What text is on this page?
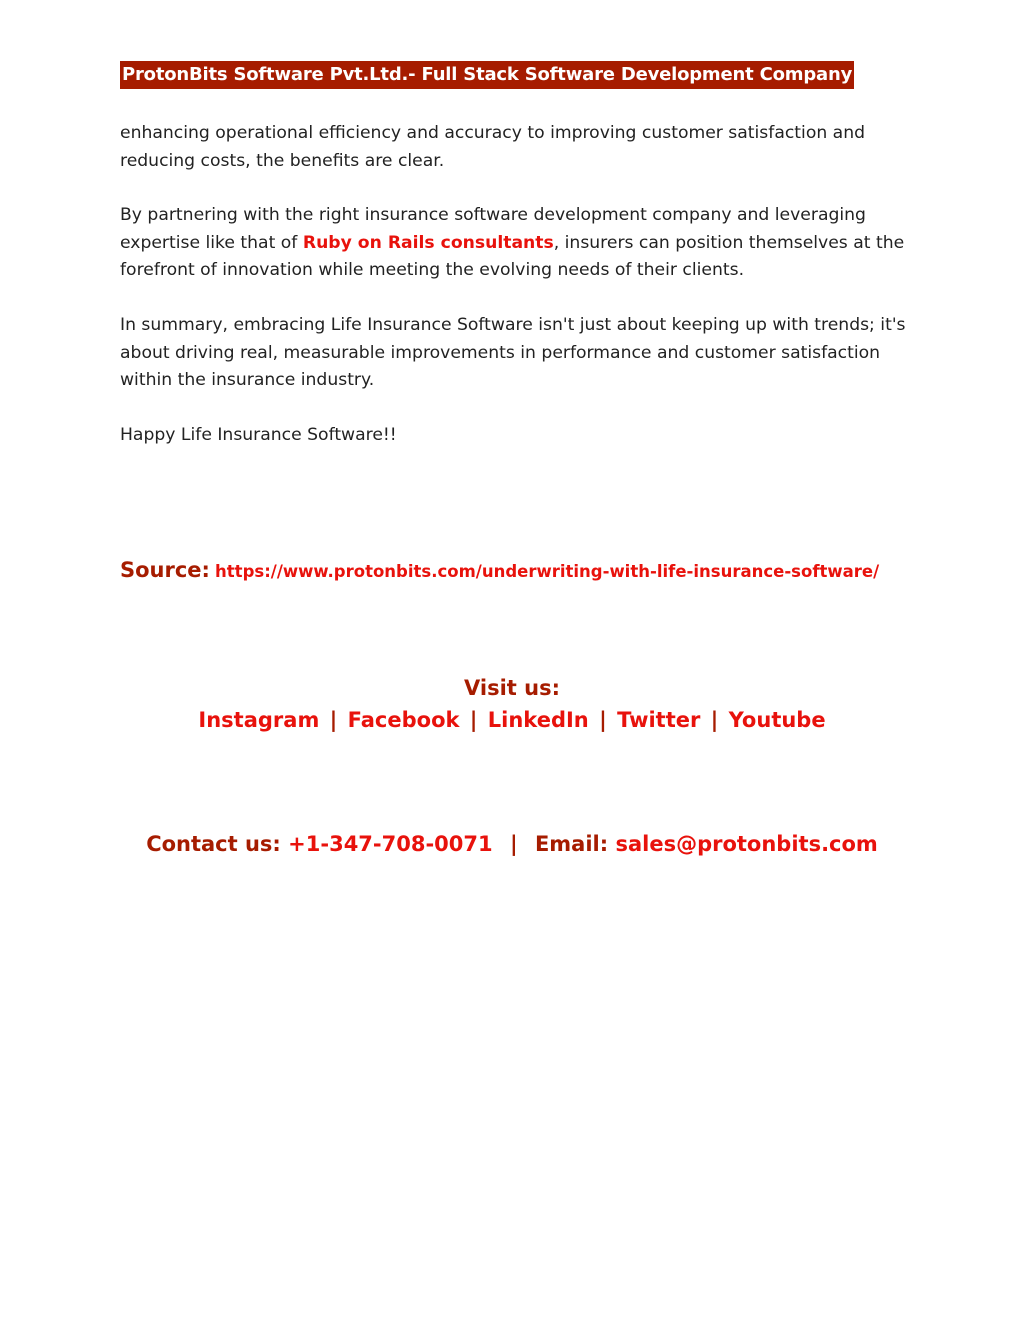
ProtonBits Software Pvt.Ltd.- Full Stack Software Development Company

enhancing operational efficiency and accuracy to improving customer satisfaction and reducing costs, the benefits are clear.

By partnering with the right insurance software development company and leveraging expertise like that of Ruby on Rails consultants, insurers can position themselves at the forefront of innovation while meeting the evolving needs of their clients.

In summary, embracing Life Insurance Software isn't just about keeping up with trends; it's about driving real, measurable improvements in performance and customer satisfaction within the insurance industry.

Happy Life Insurance Software!!

Source: https://www.protonbits.com/underwriting-with-life-insurance-software/
Visit us:
Instagram | Facebook | LinkedIn | Twitter | Youtube
Contact us: +1-347-708-0071 | Email: sales@protonbits.com
